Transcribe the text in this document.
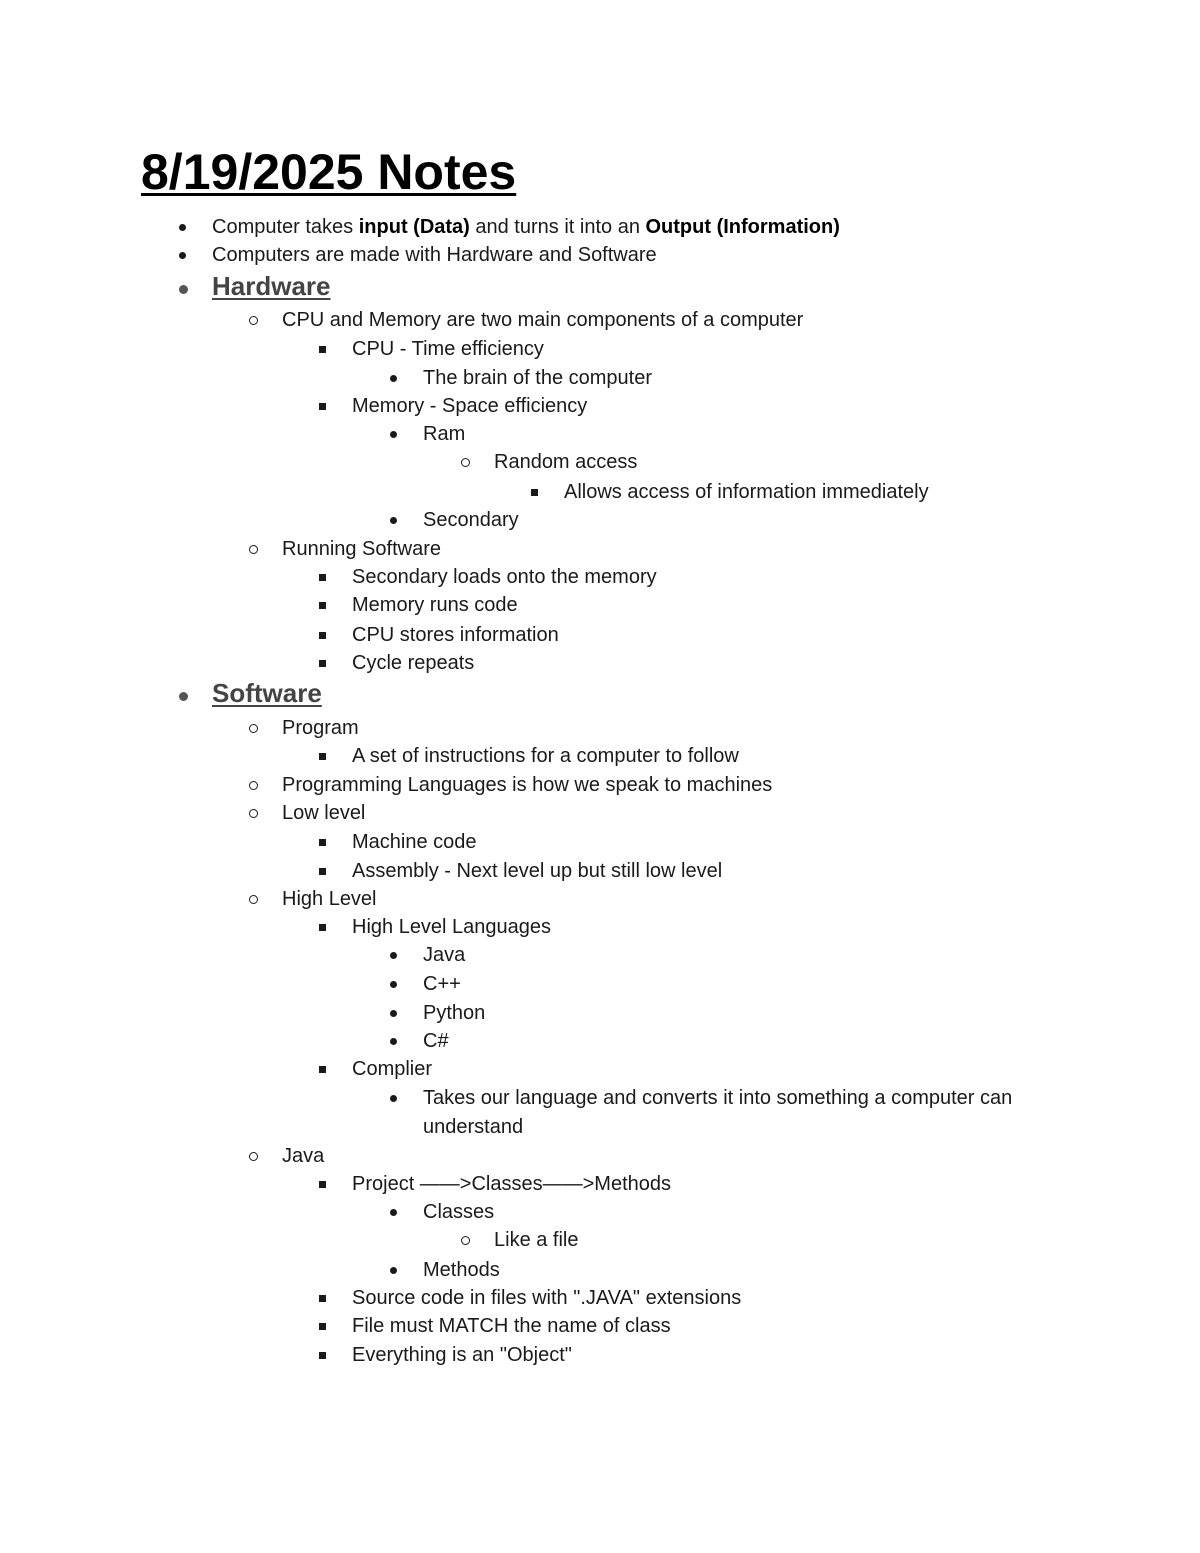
8/19/2025 Notes
Computer takes input (Data) and turns it into an Output (Information)
Computers are made with Hardware and Software
Hardware
CPU and Memory are two main components of a computer
CPU - Time efficiency
The brain of the computer
Memory - Space efficiency
Ram
Random access
Allows access of information immediately
Secondary
Running Software
Secondary loads onto the memory
Memory runs code
CPU stores information
Cycle repeats
Software
Program
A set of instructions for a computer to follow
Programming Languages is how we speak to machines
Low level
Machine code
Assembly - Next level up but still low level
High Level
High Level Languages
Java
C++
Python
C#
Complier
Takes our language and converts it into something a computer can
understand
Java
Project ——>Classes——>Methods
Classes
Like a file
Methods
Source code in files with ".JAVA" extensions
File must MATCH the name of class
Everything is an "Object"
